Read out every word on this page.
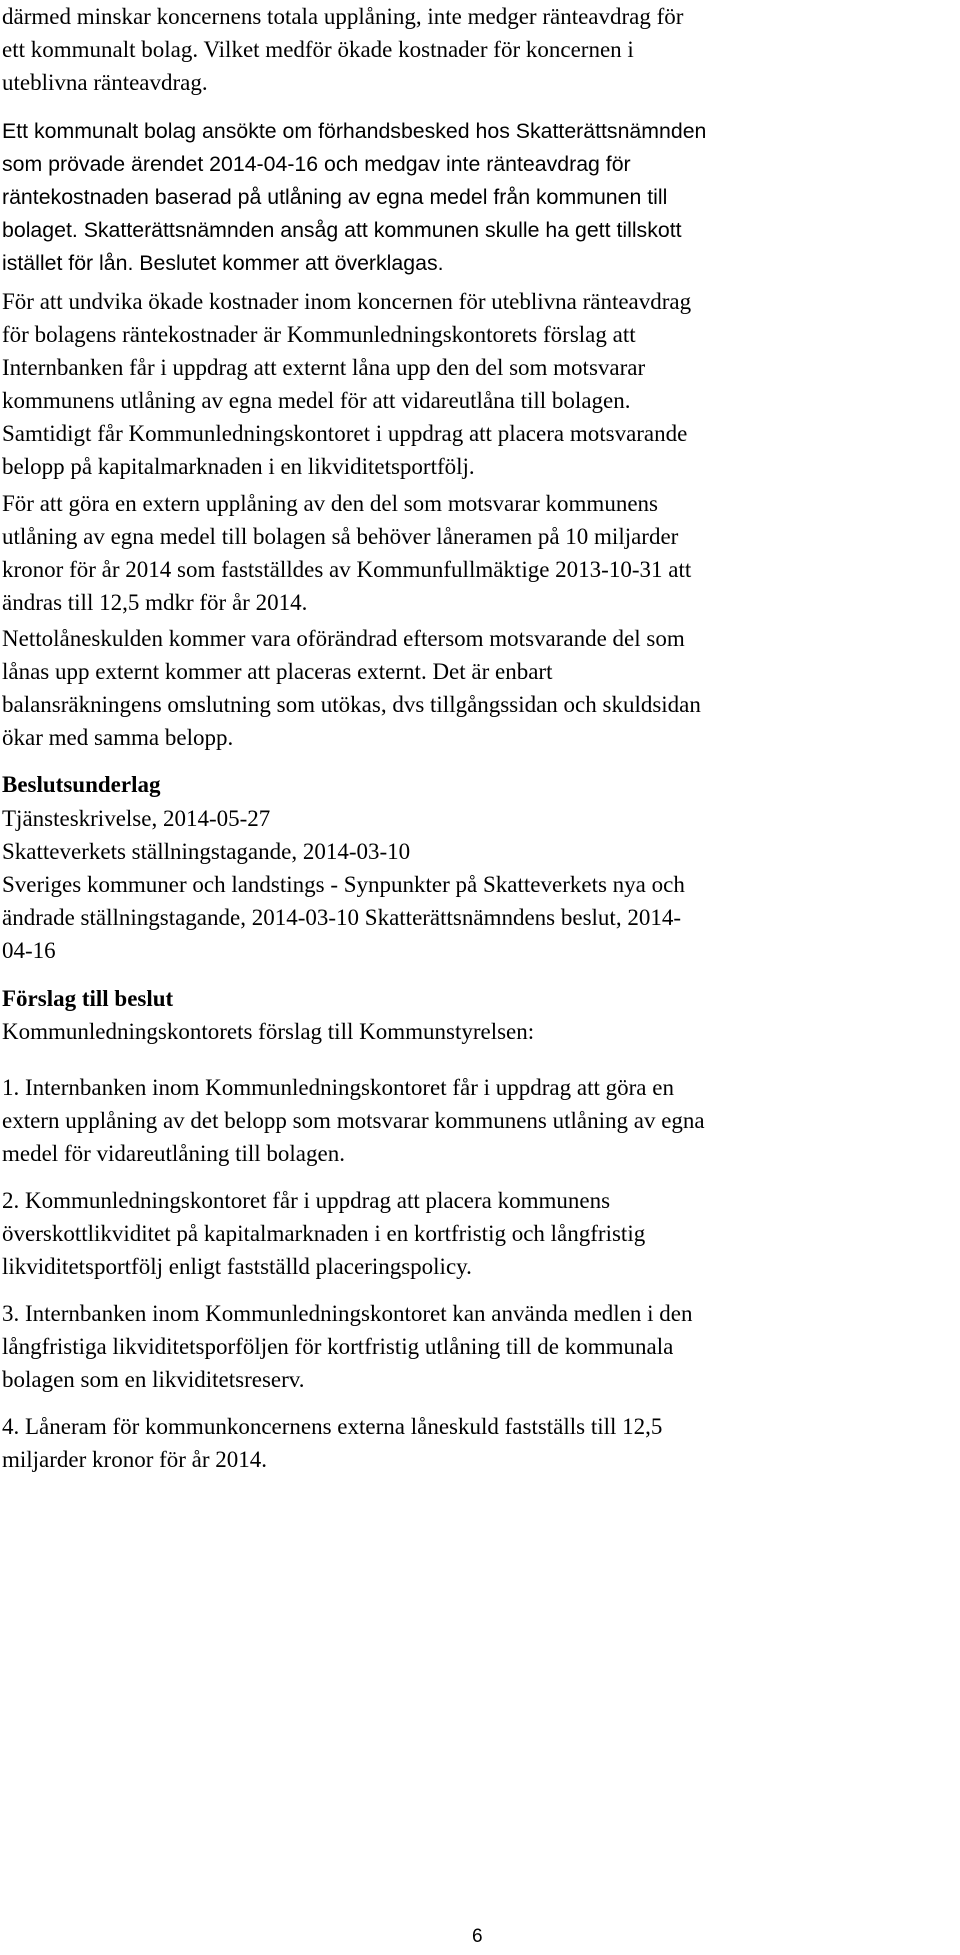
därmed minskar koncernens totala upplåning, inte medger ränteavdrag för
ett kommunalt bolag. Vilket medför ökade kostnader för koncernen i
uteblivna ränteavdrag.
Ett kommunalt bolag ansökte om förhandsbesked hos Skatterättsnämnden
som prövade ärendet 2014-04-16 och medgav inte ränteavdrag för
räntekostnaden baserad på utlåning av egna medel från kommunen till
bolaget. Skatterättsnämnden ansåg att kommunen skulle ha gett tillskott
istället för lån. Beslutet kommer att överklagas.
För att undvika ökade kostnader inom koncernen för uteblivna ränteavdrag
för bolagens räntekostnader är Kommunledningskontorets förslag att
Internbanken får i uppdrag att externt låna upp den del som motsvarar
kommunens utlåning av egna medel för att vidareutlåna till bolagen.
Samtidigt får Kommunledningskontoret i uppdrag att placera motsvarande
belopp på kapitalmarknaden i en likviditetsportfölj.
För att göra en extern upplåning av den del som motsvarar kommunens
utlåning av egna medel till bolagen så behöver låneramen på 10 miljarder
kronor för år 2014 som fastställdes av Kommunfullmäktige 2013-10-31 att
ändras till 12,5 mdkr för år 2014.
Nettolåneskulden kommer vara oförändrad eftersom motsvarande del som
lånas upp externt kommer att placeras externt. Det är enbart
balansräkningens omslutning som utökas, dvs tillgångssidan och skuldsidan
ökar med samma belopp.
Beslutsunderlag
Tjänsteskrivelse, 2014-05-27
Skatteverkets ställningstagande, 2014-03-10
Sveriges kommuner och landstings - Synpunkter på Skatteverkets nya och
ändrade ställningstagande, 2014-03-10 Skatterättsnämndens beslut, 2014-
04-16
Förslag till beslut
Kommunledningskontorets förslag till Kommunstyrelsen:
1. Internbanken inom Kommunledningskontoret får i uppdrag att göra en
extern upplåning av det belopp som motsvarar kommunens utlåning av egna
medel för vidareutlåning till bolagen.
2. Kommunledningskontoret får i uppdrag att placera kommunens
överskottlikviditet på kapitalmarknaden i en kortfristig och långfristig
likviditetsportfölj enligt fastställd placeringspolicy.
3. Internbanken inom Kommunledningskontoret kan använda medlen i den
långfristiga likviditetsporföljen för kortfristig utlåning till de kommunala
bolagen som en likviditetsreserv.
4. Låneram för kommunkoncernens externa låneskuld fastställs till 12,5
miljarder kronor för år 2014.
6
